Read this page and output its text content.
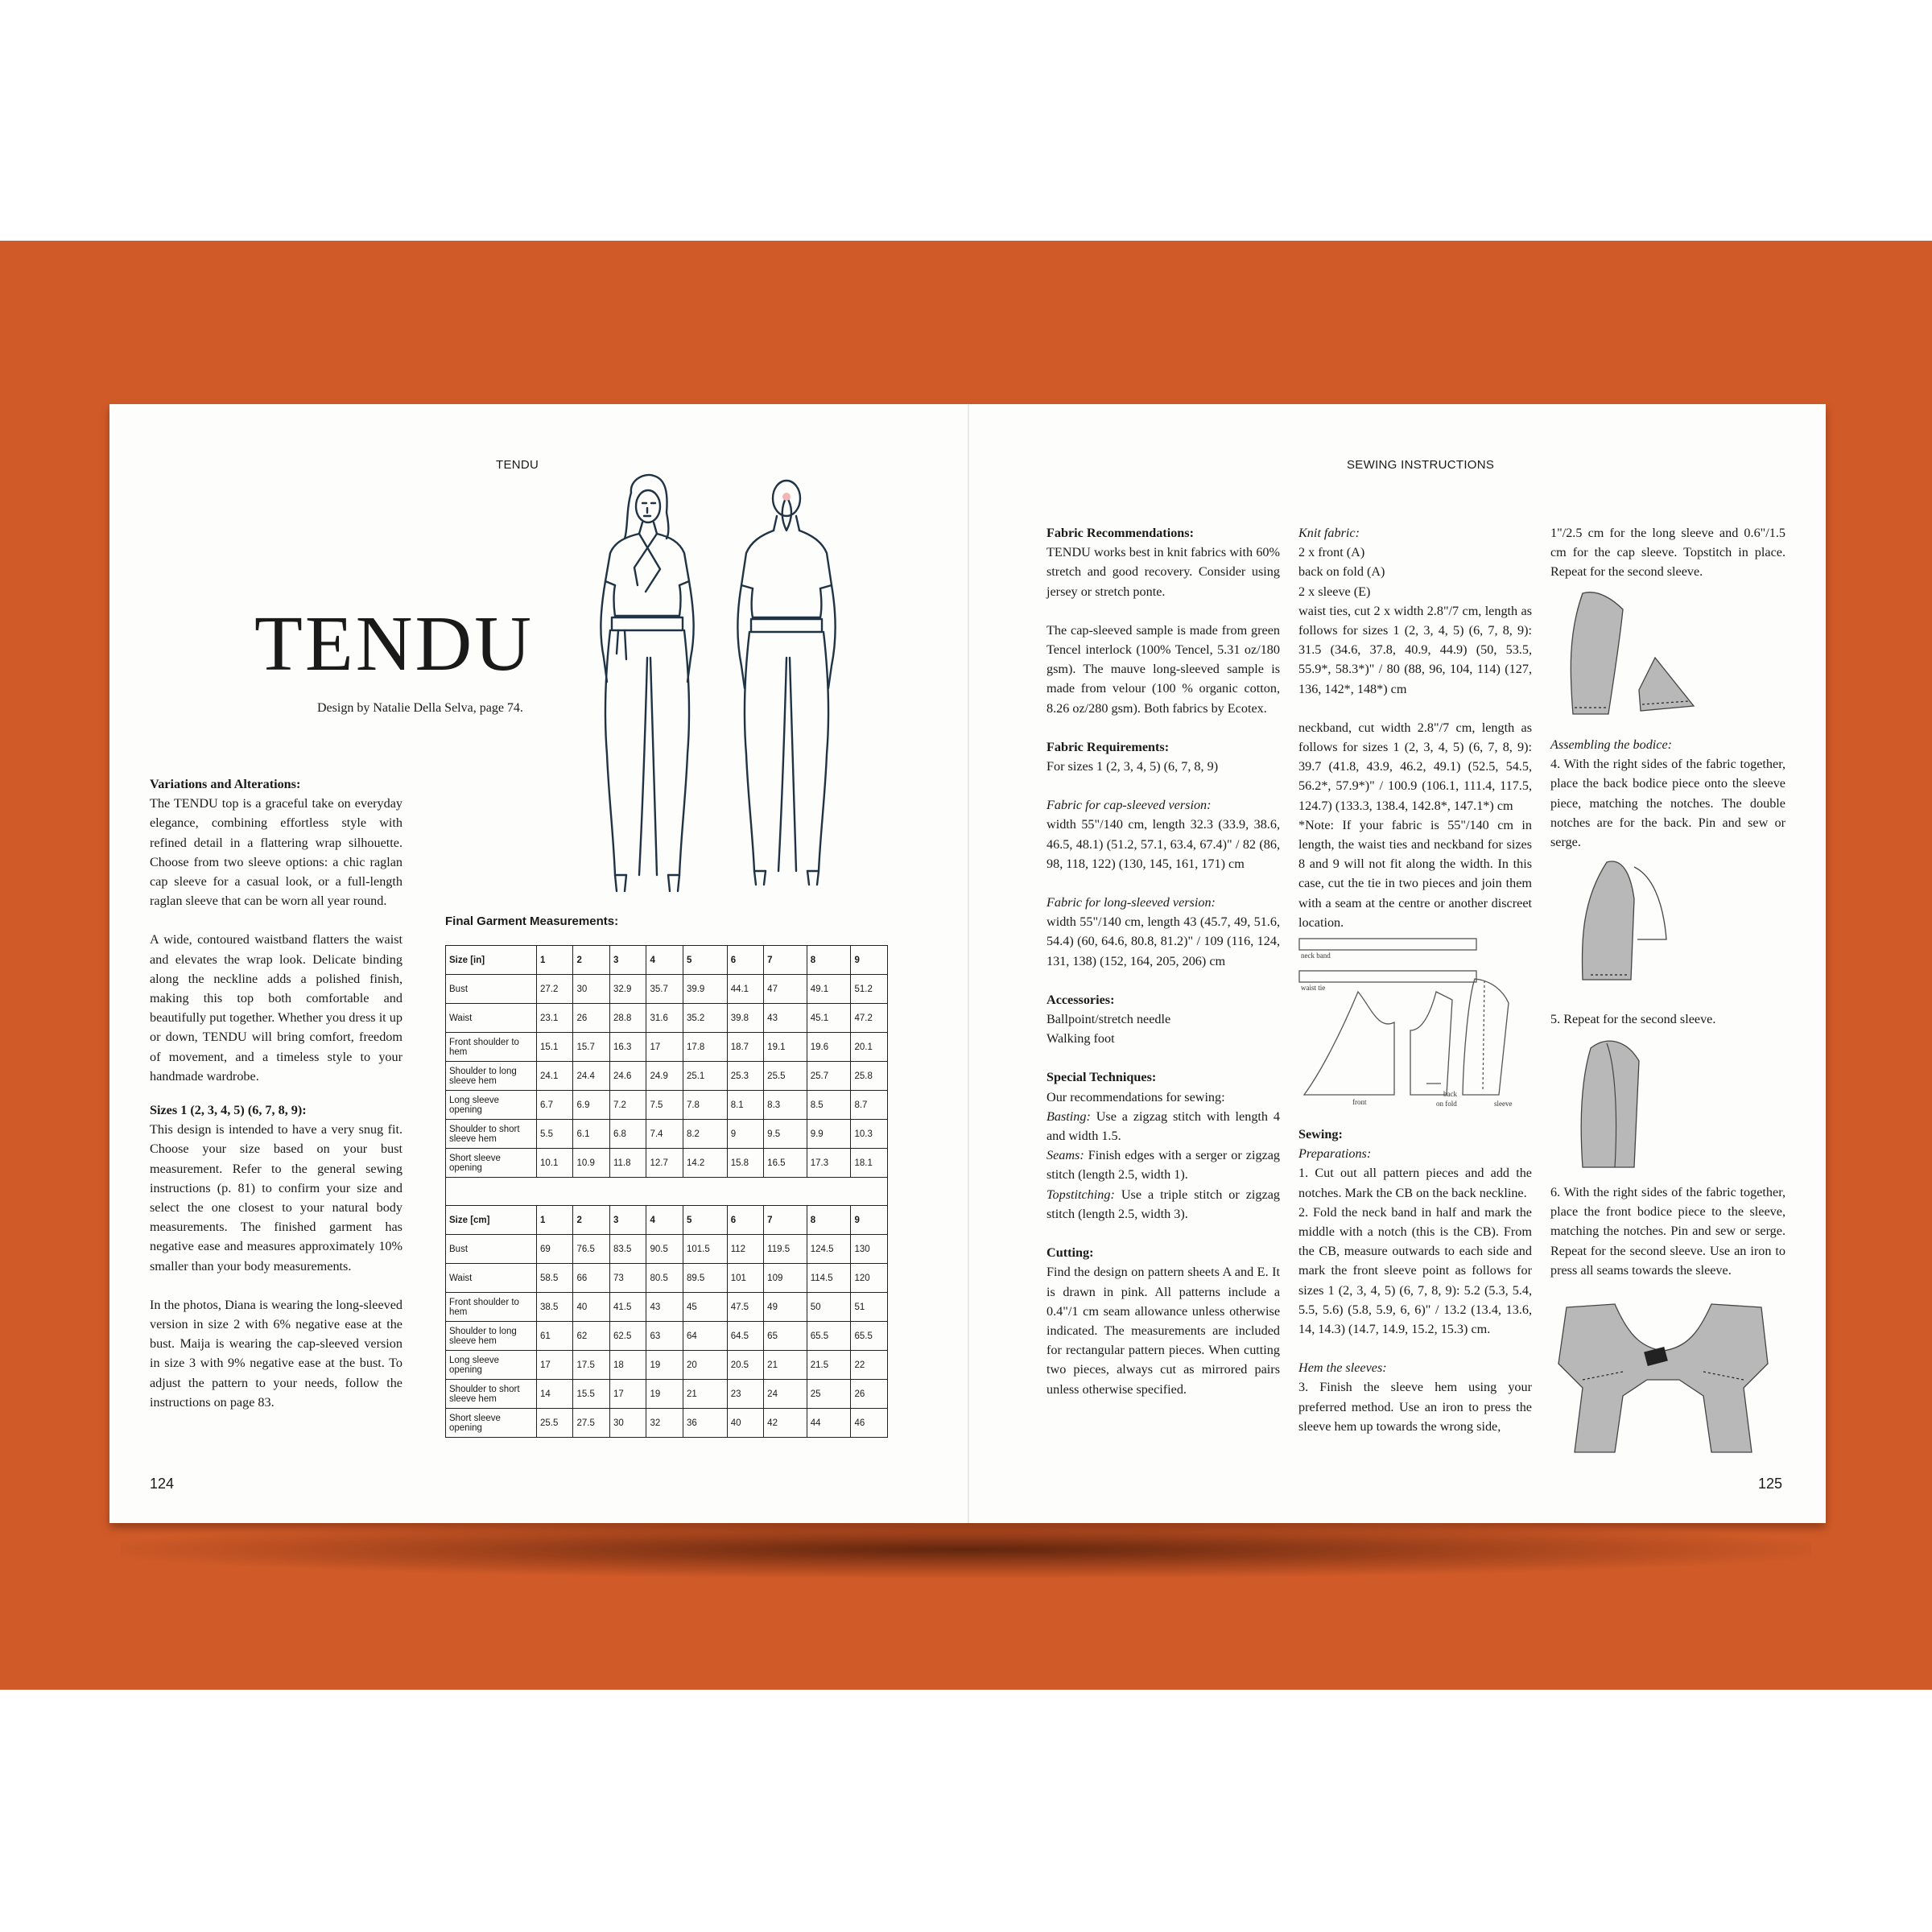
TENDU
TENDU
Design by Natalie Della Selva, page 74.

Variations and Alterations:

The TENDU top is a graceful take on everyday elegance, combining effortless style with refined detail in a flattering wrap silhouette. Choose from two sleeve options: a chic raglan cap sleeve for a casual look, or a full-length raglan sleeve that can be worn all year round.

A wide, contoured waistband flatters the waist and elevates the wrap look. Delicate binding along the neckline adds a polished finish, making this top both comfortable and beautifully put together. Whether you dress it up or down, TENDU will bring comfort, freedom of movement, and a timeless style to your handmade wardrobe.

Sizes 1 (2, 3, 4, 5) (6, 7, 8, 9):

This design is intended to have a very snug fit. Choose your size based on your bust measurement. Refer to the general sewing instructions (p. 81) to confirm your size and select the one closest to your natural body measurements. The finished garment has negative ease and measures approximately 10% smaller than your body measurements.

In the photos, Diana is wearing the long-sleeved version in size 2 with 6% negative ease at the bust. Maija is wearing the cap-sleeved version in size 3 with 9% negative ease at the bust. To adjust the pattern to your needs, follow the instructions on page 83.

Final Garment Measurements:
Size [in]	1	2	3	4	5	6	7	8	9
Bust	27.2	30	32.9	35.7	39.9	44.1	47	49.1	51.2
Waist	23.1	26	28.8	31.6	35.2	39.8	43	45.1	47.2
Front shoulder to hem	15.1	15.7	16.3	17	17.8	18.7	19.1	19.6	20.1
Shoulder to long sleeve hem	24.1	24.4	24.6	24.9	25.1	25.3	25.5	25.7	25.8
Long sleeve opening	6.7	6.9	7.2	7.5	7.8	8.1	8.3	8.5	8.7
Shoulder to short sleeve hem	5.5	6.1	6.8	7.4	8.2	9	9.5	9.9	10.3
Short sleeve opening	10.1	10.9	11.8	12.7	14.2	15.8	16.5	17.3	18.1

Size [cm]	1	2	3	4	5	6	7	8	9
Bust	69	76.5	83.5	90.5	101.5	112	119.5	124.5	130
Waist	58.5	66	73	80.5	89.5	101	109	114.5	120
Front shoulder to hem	38.5	40	41.5	43	45	47.5	49	50	51
Shoulder to long sleeve hem	61	62	62.5	63	64	64.5	65	65.5	65.5
Long sleeve opening	17	17.5	18	19	20	20.5	21	21.5	22
Shoulder to short sleeve hem	14	15.5	17	19	21	23	24	25	26
Short sleeve opening	25.5	27.5	30	32	36	40	42	44	46
124
SEWING INSTRUCTIONS

Fabric Recommendations:

TENDU works best in knit fabrics with 60% stretch and good recovery. Consider using jersey or stretch ponte.

The cap-sleeved sample is made from green Tencel interlock (100% Tencel, 5.31 oz/180 gsm). The mauve long-sleeved sample is made from velour (100 % organic cotton, 8.26 oz/280 gsm). Both fabrics by Ecotex.

Fabric Requirements:

For sizes 1 (2, 3, 4, 5) (6, 7, 8, 9)

Fabric for cap-sleeved version:

width 55"/140 cm, length 32.3 (33.9, 38.6, 46.5, 48.1) (51.2, 57.1, 63.4, 67.4)" / 82 (86, 98, 118, 122) (130, 145, 161, 171) cm

Fabric for long-sleeved version:

width 55"/140 cm, length 43 (45.7, 49, 51.6, 54.4) (60, 64.6, 80.8, 81.2)" / 109 (116, 124, 131, 138) (152, 164, 205, 206) cm

Accessories:

Ballpoint/stretch needle

Walking foot

Special Techniques:

Our recommendations for sewing:

Basting: Use a zigzag stitch with length 4 and width 1.5.

Seams: Finish edges with a serger or zigzag stitch (length 2.5, width 1).

Topstitching: Use a triple stitch or zigzag stitch (length 2.5, width 3).

Cutting:

Find the design on pattern sheets A and E. It is drawn in pink. All patterns include a 0.4"/1 cm seam allowance unless otherwise indicated. The measurements are included for rectangular pattern pieces. When cutting two pieces, always cut as mirrored pairs unless otherwise specified.

Knit fabric:

2 x front (A)

back on fold (A)

2 x sleeve (E)

waist ties, cut 2 x width 2.8"/7 cm, length as follows for sizes 1 (2, 3, 4, 5) (6, 7, 8, 9): 31.5 (34.6, 37.8, 40.9, 44.9) (50, 53.5, 55.9*, 58.3*)" / 80 (88, 96, 104, 114) (127, 136, 142*, 148*) cm

neckband, cut width 2.8"/7 cm, length as follows for sizes 1 (2, 3, 4, 5) (6, 7, 8, 9): 39.7 (41.8, 43.9, 46.2, 49.1) (52.5, 54.5, 56.2*, 57.9*)" / 100.9 (106.1, 111.4, 117.5, 124.7) (133.3, 138.4, 142.8*, 147.1*) cm

*Note: If your fabric is 55"/140 cm in length, the waist ties and neckband for sizes 8 and 9 will not fit along the width. In this case, cut the tie in two pieces and join them with a seam at the centre or another discreet location.

neck band
waist tie
front
back
on fold	sleeve

Sewing:

Preparations:

1. Cut out all pattern pieces and add the notches. Mark the CB on the back neckline.

2. Fold the neck band in half and mark the middle with a notch (this is the CB). From the CB, measure outwards to each side and mark the front sleeve point as follows for sizes 1 (2, 3, 4, 5) (6, 7, 8, 9): 5.2 (5.3, 5.4, 5.5, 5.6) (5.8, 5.9, 6, 6)" / 13.2 (13.4, 13.6, 14, 14.3) (14.7, 14.9, 15.2, 15.3) cm.

Hem the sleeves:

3. Finish the sleeve hem using your preferred method. Use an iron to press the sleeve hem up towards the wrong side,

1"/2.5 cm for the long sleeve and 0.6"/1.5 cm for the cap sleeve. Topstitch in place. Repeat for the second sleeve.

Assembling the bodice:

4. With the right sides of the fabric together, place the back bodice piece onto the sleeve piece, matching the notches. The double notches are for the back. Pin and sew or serge.

5. Repeat for the second sleeve.

6. With the right sides of the fabric together, place the front bodice piece to the sleeve, matching the notches. Pin and sew or serge. Repeat for the second sleeve. Use an iron to press all seams towards the sleeve.

125
